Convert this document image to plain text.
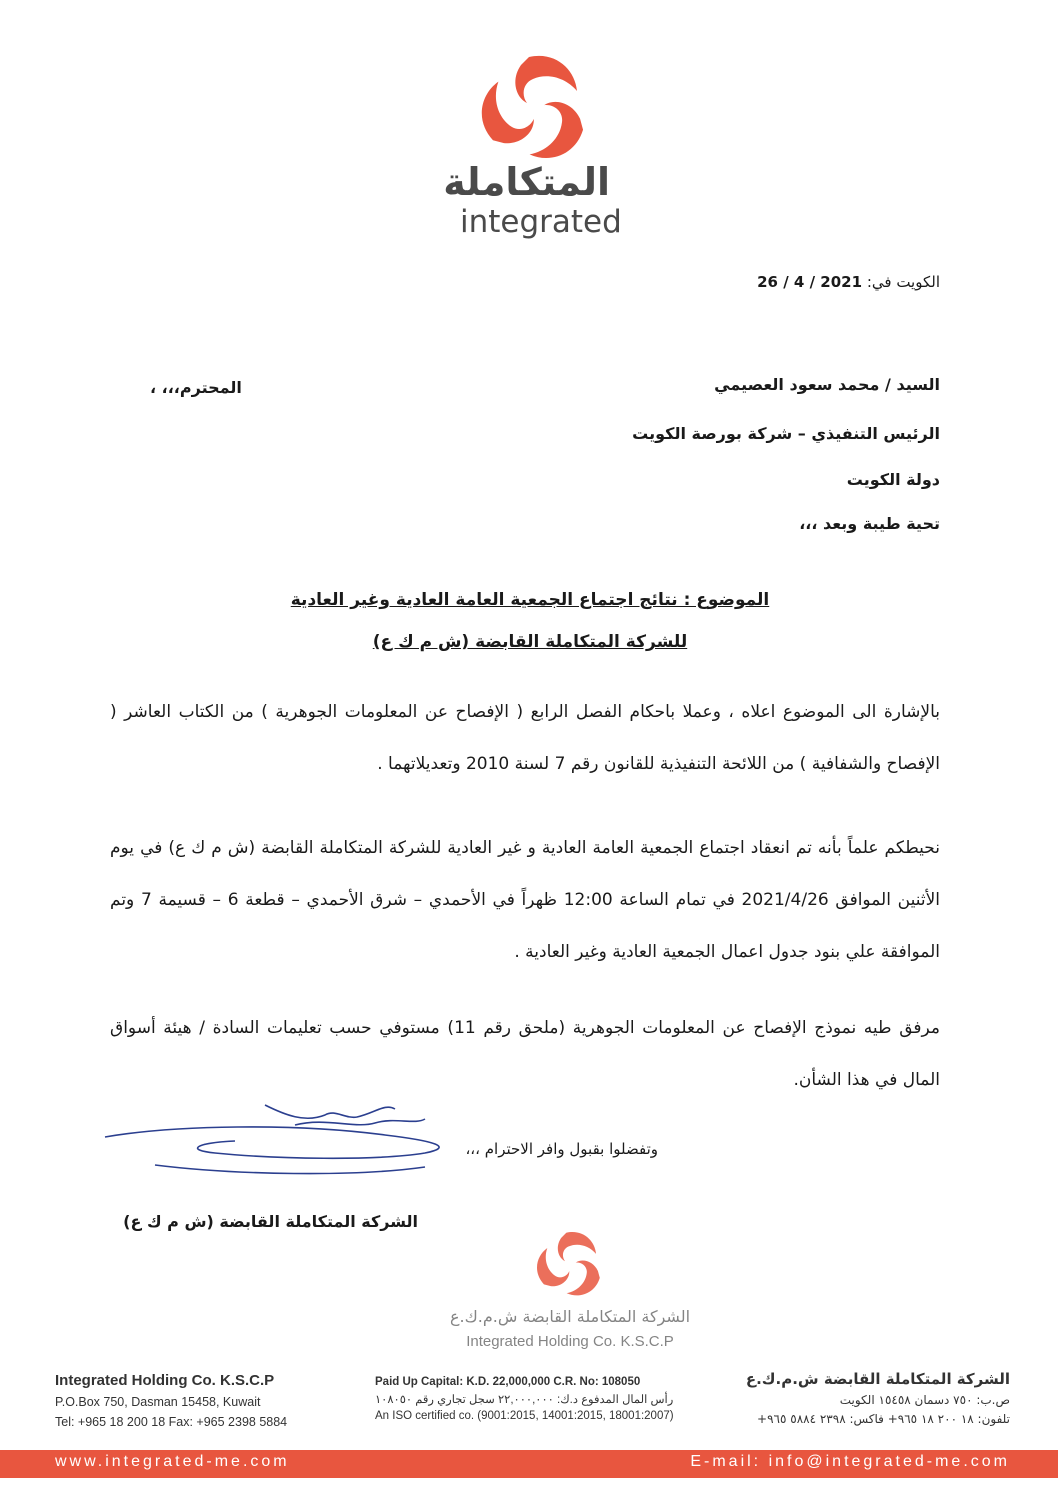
المتكاملة
integrated
الكويت في: 2021 / 4 / 26
السيد / محمد سعود العصيمي
المحترم،،، ،
الرئيس التنفيذي – شركة بورصة الكويت
دولة الكويت
تحية طيبة وبعد ،،،
الموضوع : نتائج اجتماع الجمعية العامة العادية وغير العادية
للشركة المتكاملة القابضة (ش م ك ع)
بالإشارة الى الموضوع اعلاه ، وعملا باحكام الفصل الرابع ( الإفصاح عن المعلومات الجوهرية ) من الكتاب العاشر ( الإفصاح والشفافية ) من اللائحة التنفيذية للقانون رقم 7 لسنة 2010 وتعديلاتهما .
نحيطكم علماً بأنه تم انعقاد اجتماع الجمعية العامة العادية و غير العادية للشركة المتكاملة القابضة (ش م ك ع) في يوم الأثنين الموافق 2021/4/26 في تمام الساعة 12:00 ظهراً في الأحمدي – شرق الأحمدي – قطعة 6 – قسيمة 7 وتم الموافقة علي بنود جدول اعمال الجمعية العادية وغير العادية .
مرفق طيه نموذج الإفصاح عن المعلومات الجوهرية (ملحق رقم 11) مستوفي حسب تعليمات السادة / هيئة أسواق المال في هذا الشأن.
وتفضلوا بقبول وافر الاحترام ،،،
الشركة المتكاملة القابضة (ش م ك ع)
الشركة المتكاملة القابضة ش.م.ك.ع
Integrated Holding Co. K.S.C.P
Integrated Holding Co. K.S.C.P
P.O.Box 750, Dasman 15458, Kuwait
Tel: +965 18 200 18 Fax: +965 2398 5884
Paid Up Capital: K.D. 22,000,000 C.R. No: 108050
رأس المال المدفوع د.ك: ٢٢,٠٠٠,٠٠٠ سجل تجاري رقم ١٠٨٠٥٠
An ISO certified co. (9001:2015, 14001:2015, 18001:2007)
الشركة المتكاملة القابضة ش.م.ك.ع
ص.ب: ٧٥٠ دسمان ١٥٤٥٨ الكويت
تلفون: ١٨ ٢٠٠ ١٨ ٩٦٥+ فاكس: ٢٣٩٨ ٥٨٨٤ ٩٦٥+
www.integrated-me.com	E-mail: info@integrated-me.com
